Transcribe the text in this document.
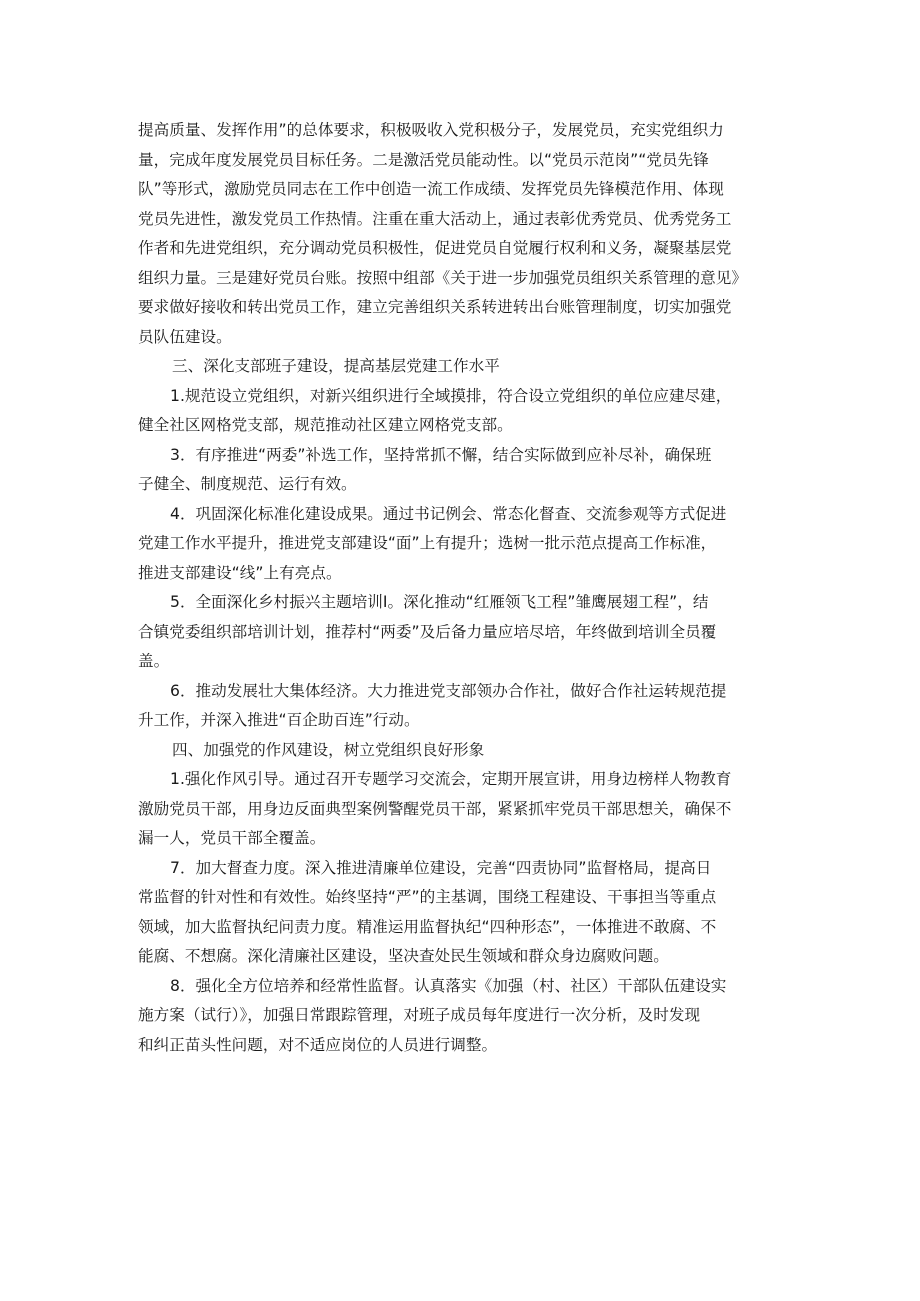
提高质量、发挥作用”的总体要求，积极吸收入党积极分子，发展党员，充实党组织力
量，完成年度发展党员目标任务。二是激活党员能动性。以“党员示范岗”“党员先锋
队”等形式，激励党员同志在工作中创造一流工作成绩、发挥党员先锋模范作用、体现
党员先进性，激发党员工作热情。注重在重大活动上，通过表彰优秀党员、优秀党务工
作者和先进党组织，充分调动党员积极性，促进党员自觉履行权利和义务，凝聚基层党
组织力量。三是建好党员台账。按照中组部《关于进一步加强党员组织关系管理的意见》
要求做好接收和转出党员工作，建立完善组织关系转进转出台账管理制度，切实加强党
员队伍建设。
三、深化支部班子建设，提高基层党建工作水平
1.规范设立党组织，对新兴组织进行全域摸排，符合设立党组织的单位应建尽建，
健全社区网格党支部，规范推动社区建立网格党支部。
3．有序推进“两委”补选工作，坚持常抓不懈，结合实际做到应补尽补，确保班
子健全、制度规范、运行有效。
4．巩固深化标准化建设成果。通过书记例会、常态化督查、交流参观等方式促进
党建工作水平提升，推进党支部建设“面”上有提升；选树一批示范点提高工作标准，
推进支部建设“线”上有亮点。
5．全面深化乡村振兴主题培训I。深化推动“红雁领飞工程”雏鹰展翅工程”，结
合镇党委组织部培训计划，推荐村“两委”及后备力量应培尽培，年终做到培训全员覆
盖。
6．推动发展壮大集体经济。大力推进党支部领办合作社，做好合作社运转规范提
升工作，并深入推进“百企助百连”行动。
四、加强党的作风建设，树立党组织良好形象
1.强化作风引导。通过召开专题学习交流会，定期开展宣讲，用身边榜样人物教育
激励党员干部，用身边反面典型案例警醒党员干部，紧紧抓牢党员干部思想关，确保不
漏一人，党员干部全覆盖。
7．加大督查力度。深入推进清廉单位建设，完善“四责协同”监督格局，提高日
常监督的针对性和有效性。始终坚持“严”的主基调，围绕工程建设、干事担当等重点
领域，加大监督执纪问责力度。精准运用监督执纪“四种形态”，一体推进不敢腐、不
能腐、不想腐。深化清廉社区建设，坚决查处民生领域和群众身边腐败问题。
8．强化全方位培养和经常性监督。认真落实《加强（村、社区）干部队伍建设实
施方案（试行）》，加强日常跟踪管理，对班子成员每年度进行一次分析，及时发现
和纠正苗头性问题，对不适应岗位的人员进行调整。
